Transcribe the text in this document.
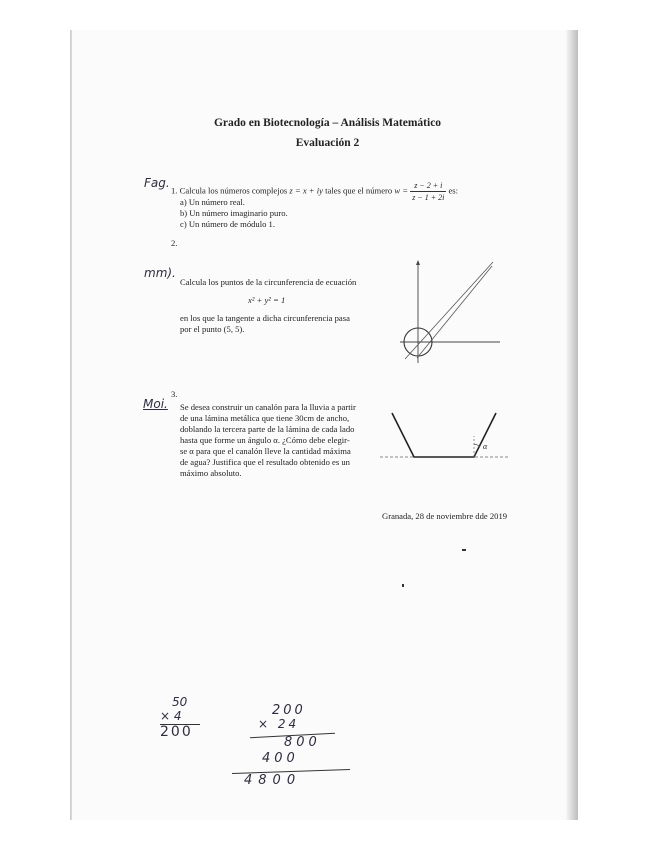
Grado en Biotecnología – Análisis Matemático
Evaluación 2
Fag.
1. Calcula los números complejos z = x + iy tales que el número $w = \frac{z - 2 + i}{z - 1 + 2i}$ es:
a) Un número real.
b) Un número imaginario puro.
c) Un número de módulo 1.
2.
mm).
Calcula los puntos de la circunferencia de ecuación
x² + y² = 1
en los que la tangente a dicha circunferencia pasa
por el punto (5, 5).
3.
Moi. Se desea construir un canalón para la lluvia a partir
de una lámina metálica que tiene 30cm de ancho,
doblando la tercera parte de la lámina de cada lado
hasta que forme un ángulo α. ¿Cómo debe elegir-
se α para que el canalón lleve la cantidad máxima
de agua? Justifica que el resultado obtenido es un
máximo absoluto.
α
Granada, 28 de noviembre dde 2019
50
× 4
200
200
× 24
800
400
4800
